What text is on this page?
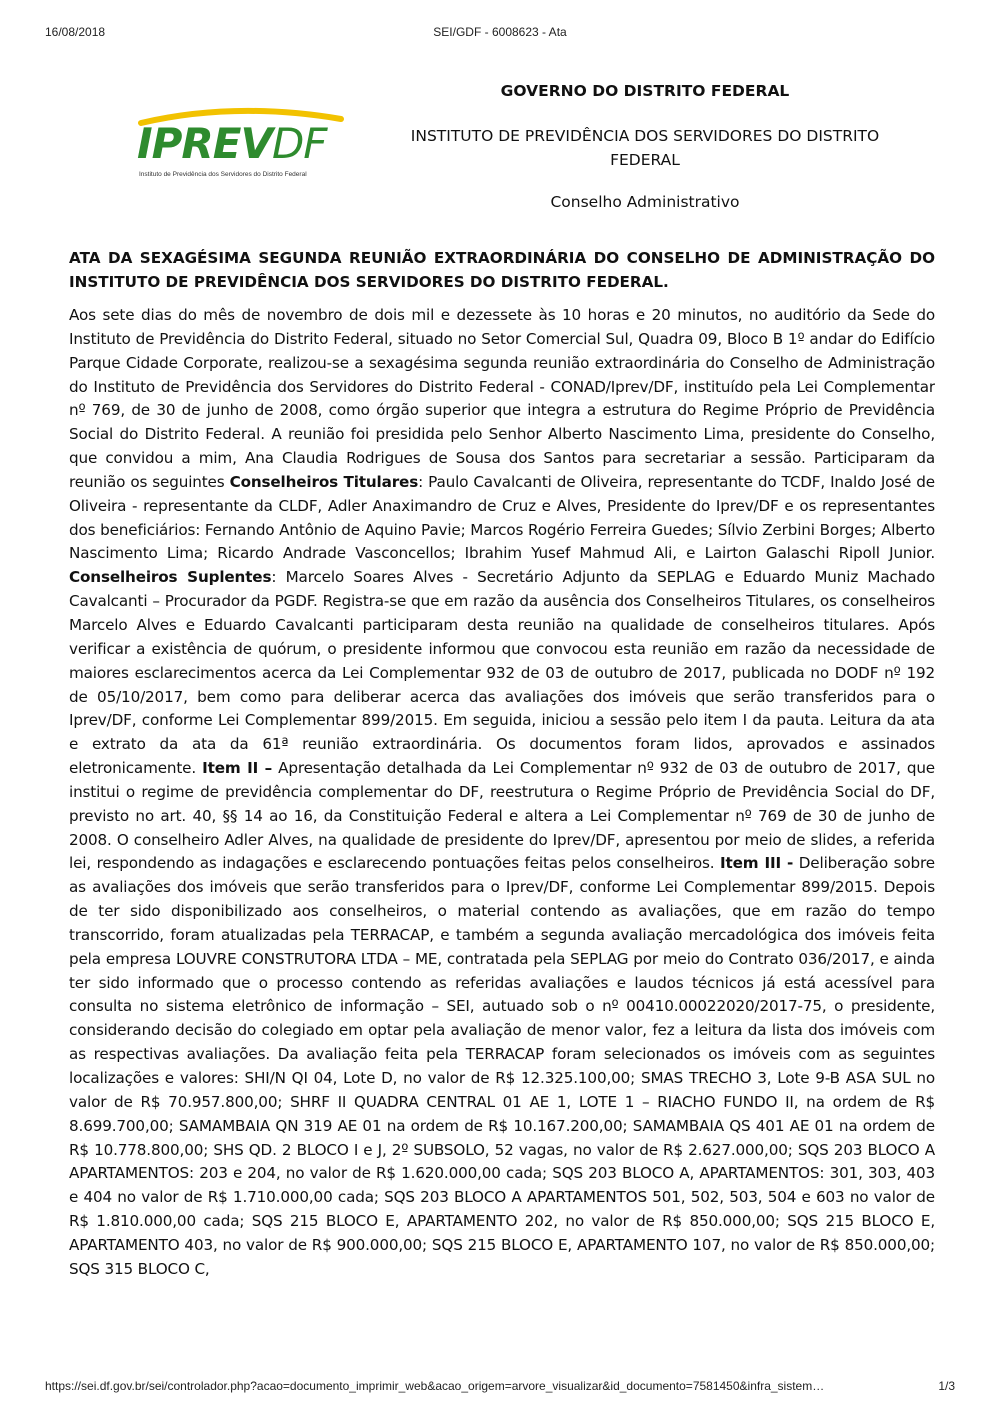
16/08/2018	SEI/GDF - 6008623 - Ata
IPREVDF
Instituto de Previdência dos Servidores do Distrito Federal
GOVERNO DO DISTRITO FEDERAL
INSTITUTO DE PREVIDÊNCIA DOS SERVIDORES DO DISTRITO FEDERAL
Conselho Administrativo

ATA DA SEXAGÉSIMA SEGUNDA REUNIÃO EXTRAORDINÁRIA DO CONSELHO DE ADMINISTRAÇÃO DO INSTITUTO DE PREVIDÊNCIA DOS SERVIDORES DO DISTRITO FEDERAL.

Aos sete dias do mês de novembro de dois mil e dezessete às 10 horas e 20 minutos, no auditório da Sede do Instituto de Previdência do Distrito Federal, situado no Setor Comercial Sul, Quadra 09, Bloco B 1º andar do Edifício Parque Cidade Corporate, realizou-se a sexagésima segunda reunião extraordinária do Conselho de Administração do Instituto de Previdência dos Servidores do Distrito Federal - CONAD/Iprev/DF, instituído pela Lei Complementar nº 769, de 30 de junho de 2008, como órgão superior que integra a estrutura do Regime Próprio de Previdência Social do Distrito Federal. A reunião foi presidida pelo Senhor Alberto Nascimento Lima, presidente do Conselho, que convidou a mim, Ana Claudia Rodrigues de Sousa dos Santos para secretariar a sessão. Participaram da reunião os seguintes Conselheiros Titulares: Paulo Cavalcanti de Oliveira, representante do TCDF, Inaldo José de Oliveira - representante da CLDF, Adler Anaximandro de Cruz e Alves, Presidente do Iprev/DF e os representantes dos beneficiários: Fernando Antônio de Aquino Pavie; Marcos Rogério Ferreira Guedes; Sílvio Zerbini Borges; Alberto Nascimento Lima; Ricardo Andrade Vasconcellos; Ibrahim Yusef Mahmud Ali, e Lairton Galaschi Ripoll Junior. Conselheiros Suplentes: Marcelo Soares Alves - Secretário Adjunto da SEPLAG e Eduardo Muniz Machado Cavalcanti – Procurador da PGDF. Registra-se que em razão da ausência dos Conselheiros Titulares, os conselheiros Marcelo Alves e Eduardo Cavalcanti participaram desta reunião na qualidade de conselheiros titulares. Após verificar a existência de quórum, o presidente informou que convocou esta reunião em razão da necessidade de maiores esclarecimentos acerca da Lei Complementar 932 de 03 de outubro de 2017, publicada no DODF nº 192 de 05/10/2017, bem como para deliberar acerca das avaliações dos imóveis que serão transferidos para o Iprev/DF, conforme Lei Complementar 899/2015. Em seguida, iniciou a sessão pelo item I da pauta. Leitura da ata e extrato da ata da 61ª reunião extraordinária. Os documentos foram lidos, aprovados e assinados eletronicamente. Item II – Apresentação detalhada da Lei Complementar nº 932 de 03 de outubro de 2017, que institui o regime de previdência complementar do DF, reestrutura o Regime Próprio de Previdência Social do DF, previsto no art. 40, §§ 14 ao 16, da Constituição Federal e altera a Lei Complementar nº 769 de 30 de junho de 2008. O conselheiro Adler Alves, na qualidade de presidente do Iprev/DF, apresentou por meio de slides, a referida lei, respondendo as indagações e esclarecendo pontuações feitas pelos conselheiros. Item III - Deliberação sobre as avaliações dos imóveis que serão transferidos para o Iprev/DF, conforme Lei Complementar 899/2015. Depois de ter sido disponibilizado aos conselheiros, o material contendo as avaliações, que em razão do tempo transcorrido, foram atualizadas pela TERRACAP, e também a segunda avaliação mercadológica dos imóveis feita pela empresa LOUVRE CONSTRUTORA LTDA – ME, contratada pela SEPLAG por meio do Contrato 036/2017, e ainda ter sido informado que o processo contendo as referidas avaliações e laudos técnicos já está acessível para consulta no sistema eletrônico de informação – SEI, autuado sob o nº 00410.00022020/2017-75, o presidente, considerando decisão do colegiado em optar pela avaliação de menor valor, fez a leitura da lista dos imóveis com as respectivas avaliações. Da avaliação feita pela TERRACAP foram selecionados os imóveis com as seguintes localizações e valores: SHI/N QI 04, Lote D, no valor de R$ 12.325.100,00; SMAS TRECHO 3, Lote 9-B ASA SUL no valor de R$ 70.957.800,00; SHRF II QUADRA CENTRAL 01 AE 1, LOTE 1 – RIACHO FUNDO II, na ordem de R$ 8.699.700,00; SAMAMBAIA QN 319 AE 01 na ordem de R$ 10.167.200,00; SAMAMBAIA QS 401 AE 01 na ordem de R$ 10.778.800,00; SHS QD. 2 BLOCO I e J, 2º SUBSOLO, 52 vagas, no valor de R$ 2.627.000,00; SQS 203 BLOCO A APARTAMENTOS: 203 e 204, no valor de R$ 1.620.000,00 cada; SQS 203 BLOCO A, APARTAMENTOS: 301, 303, 403 e 404 no valor de R$ 1.710.000,00 cada; SQS 203 BLOCO A APARTAMENTOS 501, 502, 503, 504 e 603 no valor de R$ 1.810.000,00 cada; SQS 215 BLOCO E, APARTAMENTO 202, no valor de R$ 850.000,00; SQS 215 BLOCO E, APARTAMENTO 403, no valor de R$ 900.000,00; SQS 215 BLOCO E, APARTAMENTO 107, no valor de R$ 850.000,00; SQS 315 BLOCO C,

https://sei.df.gov.br/sei/controlador.php?acao=documento_imprimir_web&acao_origem=arvore_visualizar&id_documento=7581450&infra_sistem…	1/3
